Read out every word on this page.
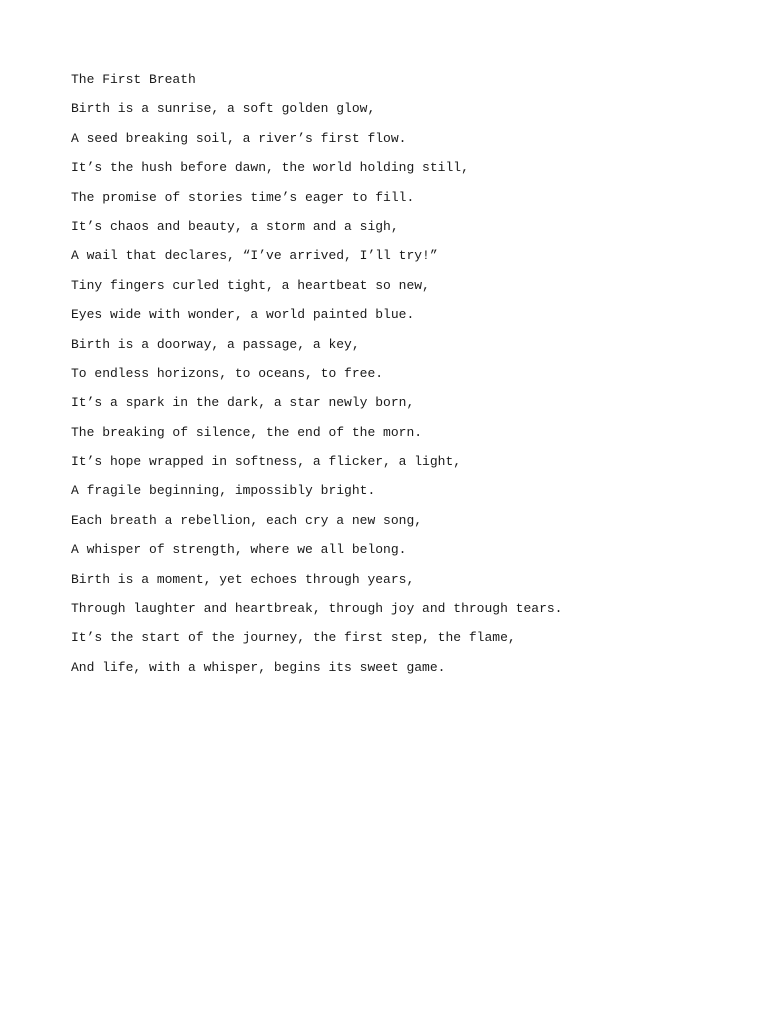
The First Breath

Birth is a sunrise, a soft golden glow,

A seed breaking soil, a river’s first flow.

It’s the hush before dawn, the world holding still,

The promise of stories time’s eager to fill.

It’s chaos and beauty, a storm and a sigh,

A wail that declares, “I’ve arrived, I’ll try!”

Tiny fingers curled tight, a heartbeat so new,

Eyes wide with wonder, a world painted blue.

Birth is a doorway, a passage, a key,

To endless horizons, to oceans, to free.

It’s a spark in the dark, a star newly born,

The breaking of silence, the end of the morn.

It’s hope wrapped in softness, a flicker, a light,

A fragile beginning, impossibly bright.

Each breath a rebellion, each cry a new song,

A whisper of strength, where we all belong.

Birth is a moment, yet echoes through years,

Through laughter and heartbreak, through joy and through tears.

It’s the start of the journey, the first step, the flame,

And life, with a whisper, begins its sweet game.
